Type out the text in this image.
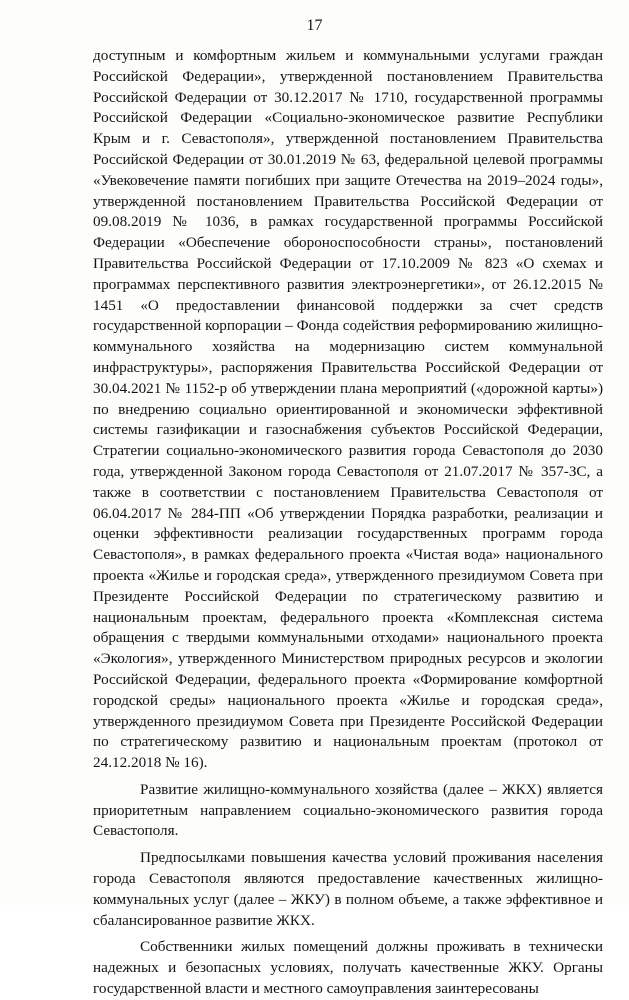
17

доступным и комфортным жильем и коммунальными услугами граждан Российской Федерации», утвержденной постановлением Правительства Российской Федерации от 30.12.2017 № 1710, государственной программы Российской Федерации «Социально-экономическое развитие Республики Крым и г. Севастополя», утвержденной постановлением Правительства Российской Федерации от 30.01.2019 № 63, федеральной целевой программы «Увековечение памяти погибших при защите Отечества на 2019–2024 годы», утвержденной постановлением Правительства Российской Федерации от 09.08.2019 № 1036, в рамках государственной программы Российской Федерации «Обеспечение обороноспособности страны», постановлений Правительства Российской Федерации от 17.10.2009 № 823 «О схемах и программах перспективного развития электроэнергетики», от 26.12.2015 № 1451 «О предоставлении финансовой поддержки за счет средств государственной корпорации – Фонда содействия реформированию жилищно-коммунального хозяйства на модернизацию систем коммунальной инфраструктуры», распоряжения Правительства Российской Федерации от 30.04.2021 № 1152-р об утверждении плана мероприятий («дорожной карты») по внедрению социально ориентированной и экономически эффективной системы газификации и газоснабжения субъектов Российской Федерации, Стратегии социально-экономического развития города Севастополя до 2030 года, утвержденной Законом города Севастополя от 21.07.2017 № 357-ЗС, а также в соответствии с постановлением Правительства Севастополя от 06.04.2017 № 284-ПП «Об утверждении Порядка разработки, реализации и оценки эффективности реализации государственных программ города Севастополя», в рамках федерального проекта «Чистая вода» национального проекта «Жилье и городская среда», утвержденного президиумом Совета при Президенте Российской Федерации по стратегическому развитию и национальным проектам, федерального проекта «Комплексная система обращения с твердыми коммунальными отходами» национального проекта «Экология», утвержденного Министерством природных ресурсов и экологии Российской Федерации, федерального проекта «Формирование комфортной городской среды» национального проекта «Жилье и городская среда», утвержденного президиумом Совета при Президенте Российской Федерации по стратегическому развитию и национальным проектам (протокол от 24.12.2018 № 16).

Развитие жилищно-коммунального хозяйства (далее – ЖКХ) является приоритетным направлением социально-экономического развития города Севастополя.

Предпосылками повышения качества условий проживания населения города Севастополя являются предоставление качественных жилищно-коммунальных услуг (далее – ЖКУ) в полном объеме, а также эффективное и сбалансированное развитие ЖКХ.

Собственники жилых помещений должны проживать в технически надежных и безопасных условиях, получать качественные ЖКУ. Органы государственной власти и местного самоуправления заинтересованы
